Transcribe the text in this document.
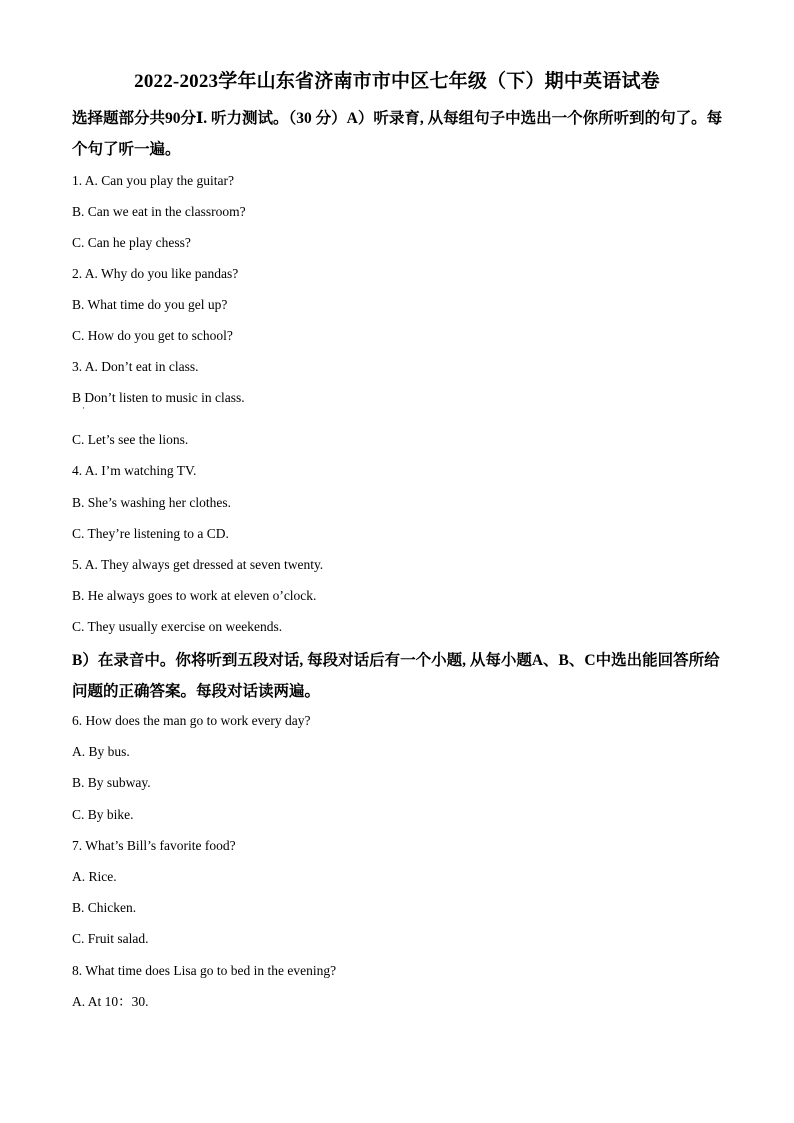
2022-2023学年山东省济南市市中区七年级（下）期中英语试卷
选择题部分共90分Ⅰ. 听力测试。（30 分）A）听录育, 从每组句子中选出一个你所听到的句了。每个句了听一遍。
1. A. Can you play the guitar?
B. Can we eat in the classroom?
C. Can he play chess?
2. A. Why do you like pandas?
B. What time do you gel up?
C. How do you get to school?
3. A. Don’t eat in class.
B Don’t listen to music in class.
·
C. Let’s see the lions.
4. A. I’m watching TV.
B. She’s washing her clothes.
C. They’re listening to a CD.
5. A. They always get dressed at seven twenty.
B. He always goes to work at eleven o’clock.
C. They usually exercise on weekends.
B）在录音中。你将听到五段对话, 每段对话后有一个小题, 从每小题A、B、C中选出能回答所给问题的正确答案。每段对话读两遍。
6. How does the man go to work every day?
A. By bus.
B. By subway.
C. By bike.
7. What’s Bill’s favorite food?
A. Rice.
B. Chicken.
C. Fruit salad.
8. What time does Lisa go to bed in the evening?
A. At 10：30.
